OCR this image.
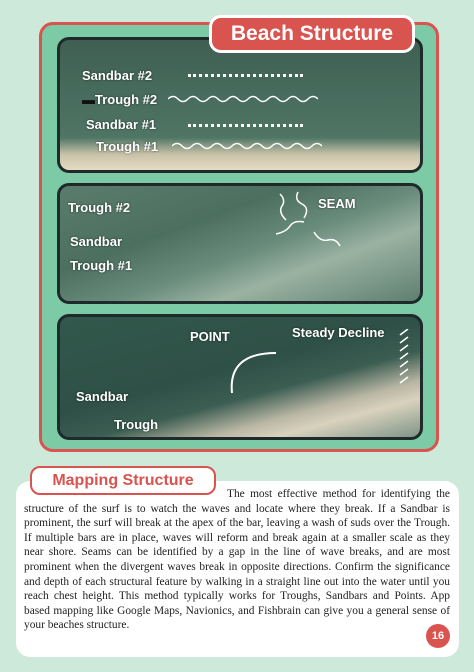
Beach Structure
Sandbar #2
▬ Trough #2
Sandbar #1
Trough #1
Trough #2	SEAM
Sandbar
Trough #1
POINT	Steady Decline
Sandbar
Trough

The most effective method for identifying the structure of the surf is to watch the waves and locate where they break. If a Sandbar is prominent, the surf will break at the apex of the bar, leaving a wash of suds over the Trough. If multiple bars are in place, waves will reform and break again at a smaller scale as they near shore. Seams can be identified by a gap in the line of wave breaks, and are most prominent when the divergent waves break in opposite directions. Confirm the significance and depth of each structural feature by walking in a straight line out into the water until you reach chest height. This method typically works for Troughs, Sandbars and Points. App based mapping like Google Maps, Navionics, and Fishbrain can give you a general sense of your beaches structure.

Mapping Structure
16
